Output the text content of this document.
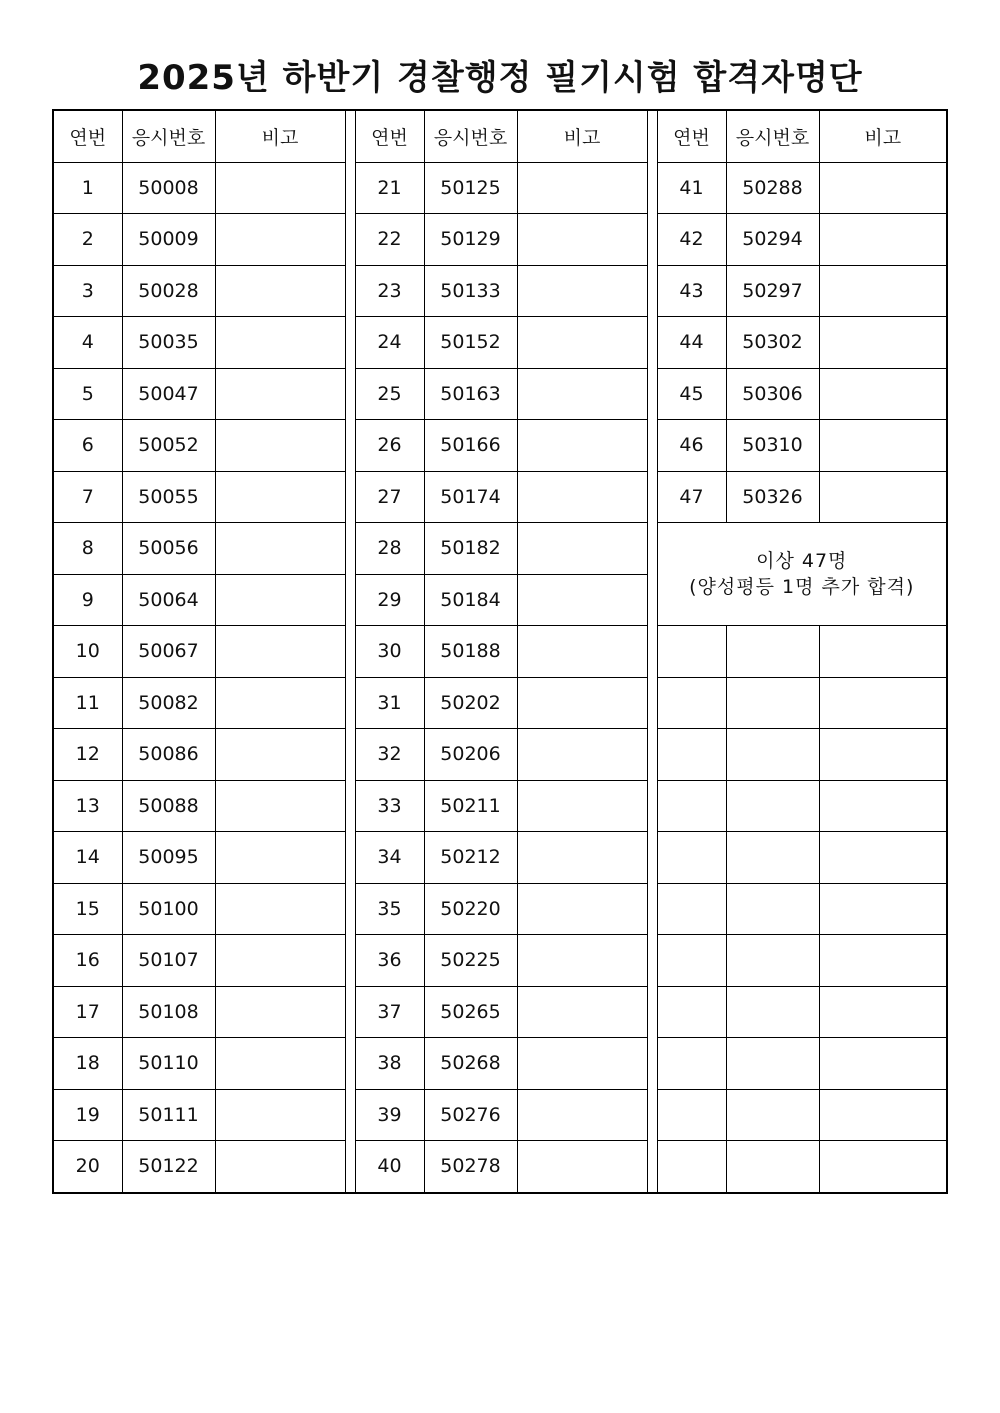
2025년 하반기 경찰행정 필기시험 합격자명단
연번	응시번호	비고		연번	응시번호	비고		연번	응시번호	비고
1	50008			21	50125			41	50288	
2	50009			22	50129			42	50294	
3	50028			23	50133			43	50297	
4	50035			24	50152			44	50302	
5	50047			25	50163			45	50306	
6	50052			26	50166			46	50310	
7	50055			27	50174			47	50326	
8	50056			28	50182			이상 47명
(양성평등 1명 추가 합격)		

9	50064			29	50184					
10	50067			30	50188					
11	50082			31	50202					
12	50086			32	50206					
13	50088			33	50211					
14	50095			34	50212					
15	50100			35	50220					
16	50107			36	50225					
17	50108			37	50265					
18	50110			38	50268					
19	50111			39	50276					
20	50122			40	50278					
